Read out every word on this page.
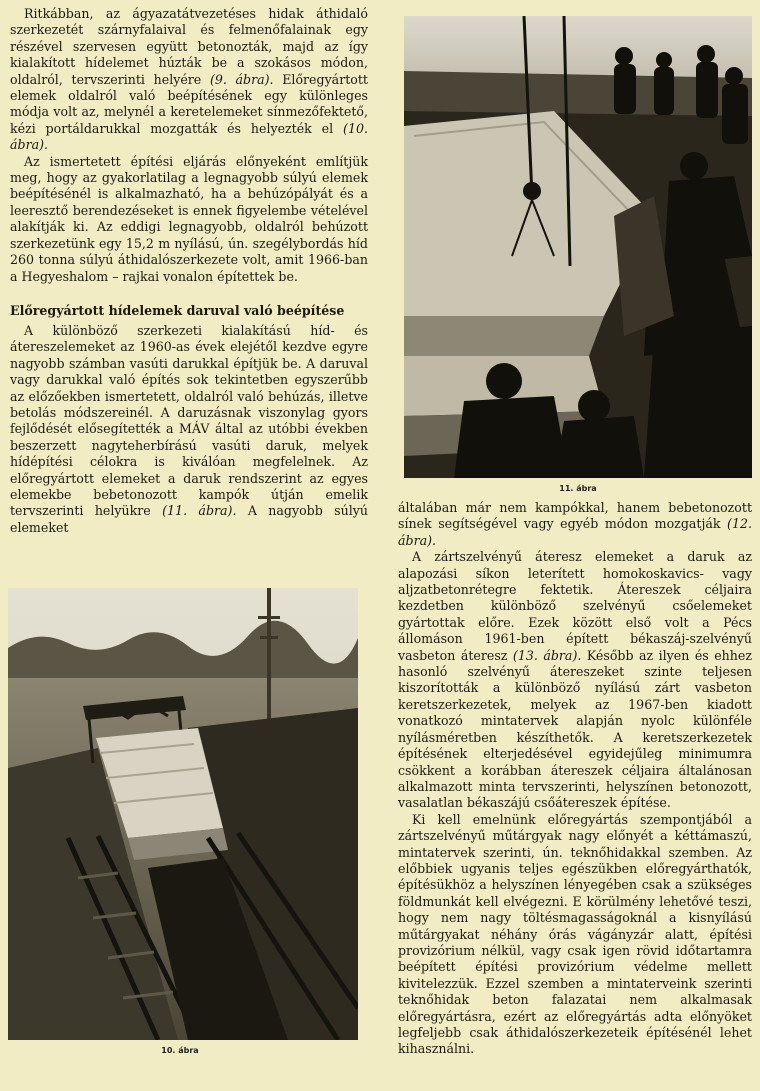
Ritkábban, az ágyazatátvezetéses hidak áthidaló szerkezetét szárnyfalaival és felmenőfalainak egy részével szervesen együtt betonozták, majd az így kialakított hídelemet húzták be a szokásos módon, oldalról, tervszerinti helyére (9. ábra). Előregyártott elemek oldalról való beépítésének egy különleges módja volt az, melynél a keretelemeket sínmezőfektető, kézi portáldarukkal mozgatták és helyezték el (10. ábra).

Az ismertetett építési eljárás előnyeként említjük meg, hogy az gyakorlatilag a legnagyobb súlyú elemek beépítésénél is alkalmazható, ha a behúzópályát és a leeresztő berendezéseket is ennek figyelembe vételével alakítják ki. Az eddigi legnagyobb, oldalról behúzott szerkezetünk egy 15,2 m nyílású, ún. szegélybordás híd 260 tonna súlyú áthidalószerkezete volt, amit 1966-ban a Hegyeshalom – rajkai vonalon építettek be.

Előregyártott hídelemek daruval való beépítése

A különböző szerkezeti kialakítású híd- és átereszelemeket az 1960-as évek elejétől kezdve egyre nagyobb számban vasúti darukkal építjük be. A daruval vagy darukkal való építés sok tekintetben egyszerűbb az előzőekben ismertetett, oldalról való behúzás, illetve betolás módszereinél. A daruzásnak viszonylag gyors fejlődését elősegítették a MÁV által az utóbbi években beszerzett nagyteherbírású vasúti daruk, melyek hídépítési célokra is kiválóan megfelelnek. Az előregyártott elemeket a daruk rendszerint az egyes elemekbe bebetonozott kampók útján emelik tervszerinti helyükre (11. ábra). A nagyobb súlyú elemeket

10. ábra
11. ábra

általában már nem kampókkal, hanem bebetonozott sínek segítségével vagy egyéb módon mozgatják (12. ábra).

A zártszelvényű áteresz elemeket a daruk az alapozási síkon leterített homokoskavics- vagy aljzatbetonrétegre fektetik. Átereszek céljaira kezdetben különböző szelvényű csőelemeket gyártottak előre. Ezek között első volt a Pécs állomáson 1961-ben épített békaszáj-szelvényű vasbeton áteresz (13. ábra). Később az ilyen és ehhez hasonló szelvényű átereszeket szinte teljesen kiszorították a különböző nyílású zárt vasbeton keretszerkezetek, melyek az 1967-ben kiadott vonatkozó mintatervek alapján nyolc különféle nyílásméretben készíthetők. A keretszerkezetek építésének elterjedésével egyidejűleg minimumra csökkent a korábban átereszek céljaira általánosan alkalmazott minta tervszerinti, helyszínen betonozott, vasalatlan békaszájú csőátereszek építése.

Ki kell emelnünk előregyártás szempontjából a zártszelvényű műtárgyak nagy előnyét a kéttámaszú, mintatervek szerinti, ún. teknőhidakkal szemben. Az előbbiek ugyanis teljes egészükben előregyárthatók, építésükhöz a helyszínen lényegében csak a szükséges földmunkát kell elvégezni. E körülmény lehetővé teszi, hogy nem nagy töltésmagasságoknál a kisnyílású műtárgyakat néhány órás vágányzár alatt, építési provizórium nélkül, vagy csak igen rövid időtartamra beépített építési provizórium védelme mellett kivitelezzük. Ezzel szemben a mintaterveink szerinti teknőhidak beton falazatai nem alkalmasak előregyártásra, ezért az előregyártás adta előnyöket legfeljebb csak áthidalószerkezeteik építésénél lehet kihasználni.
